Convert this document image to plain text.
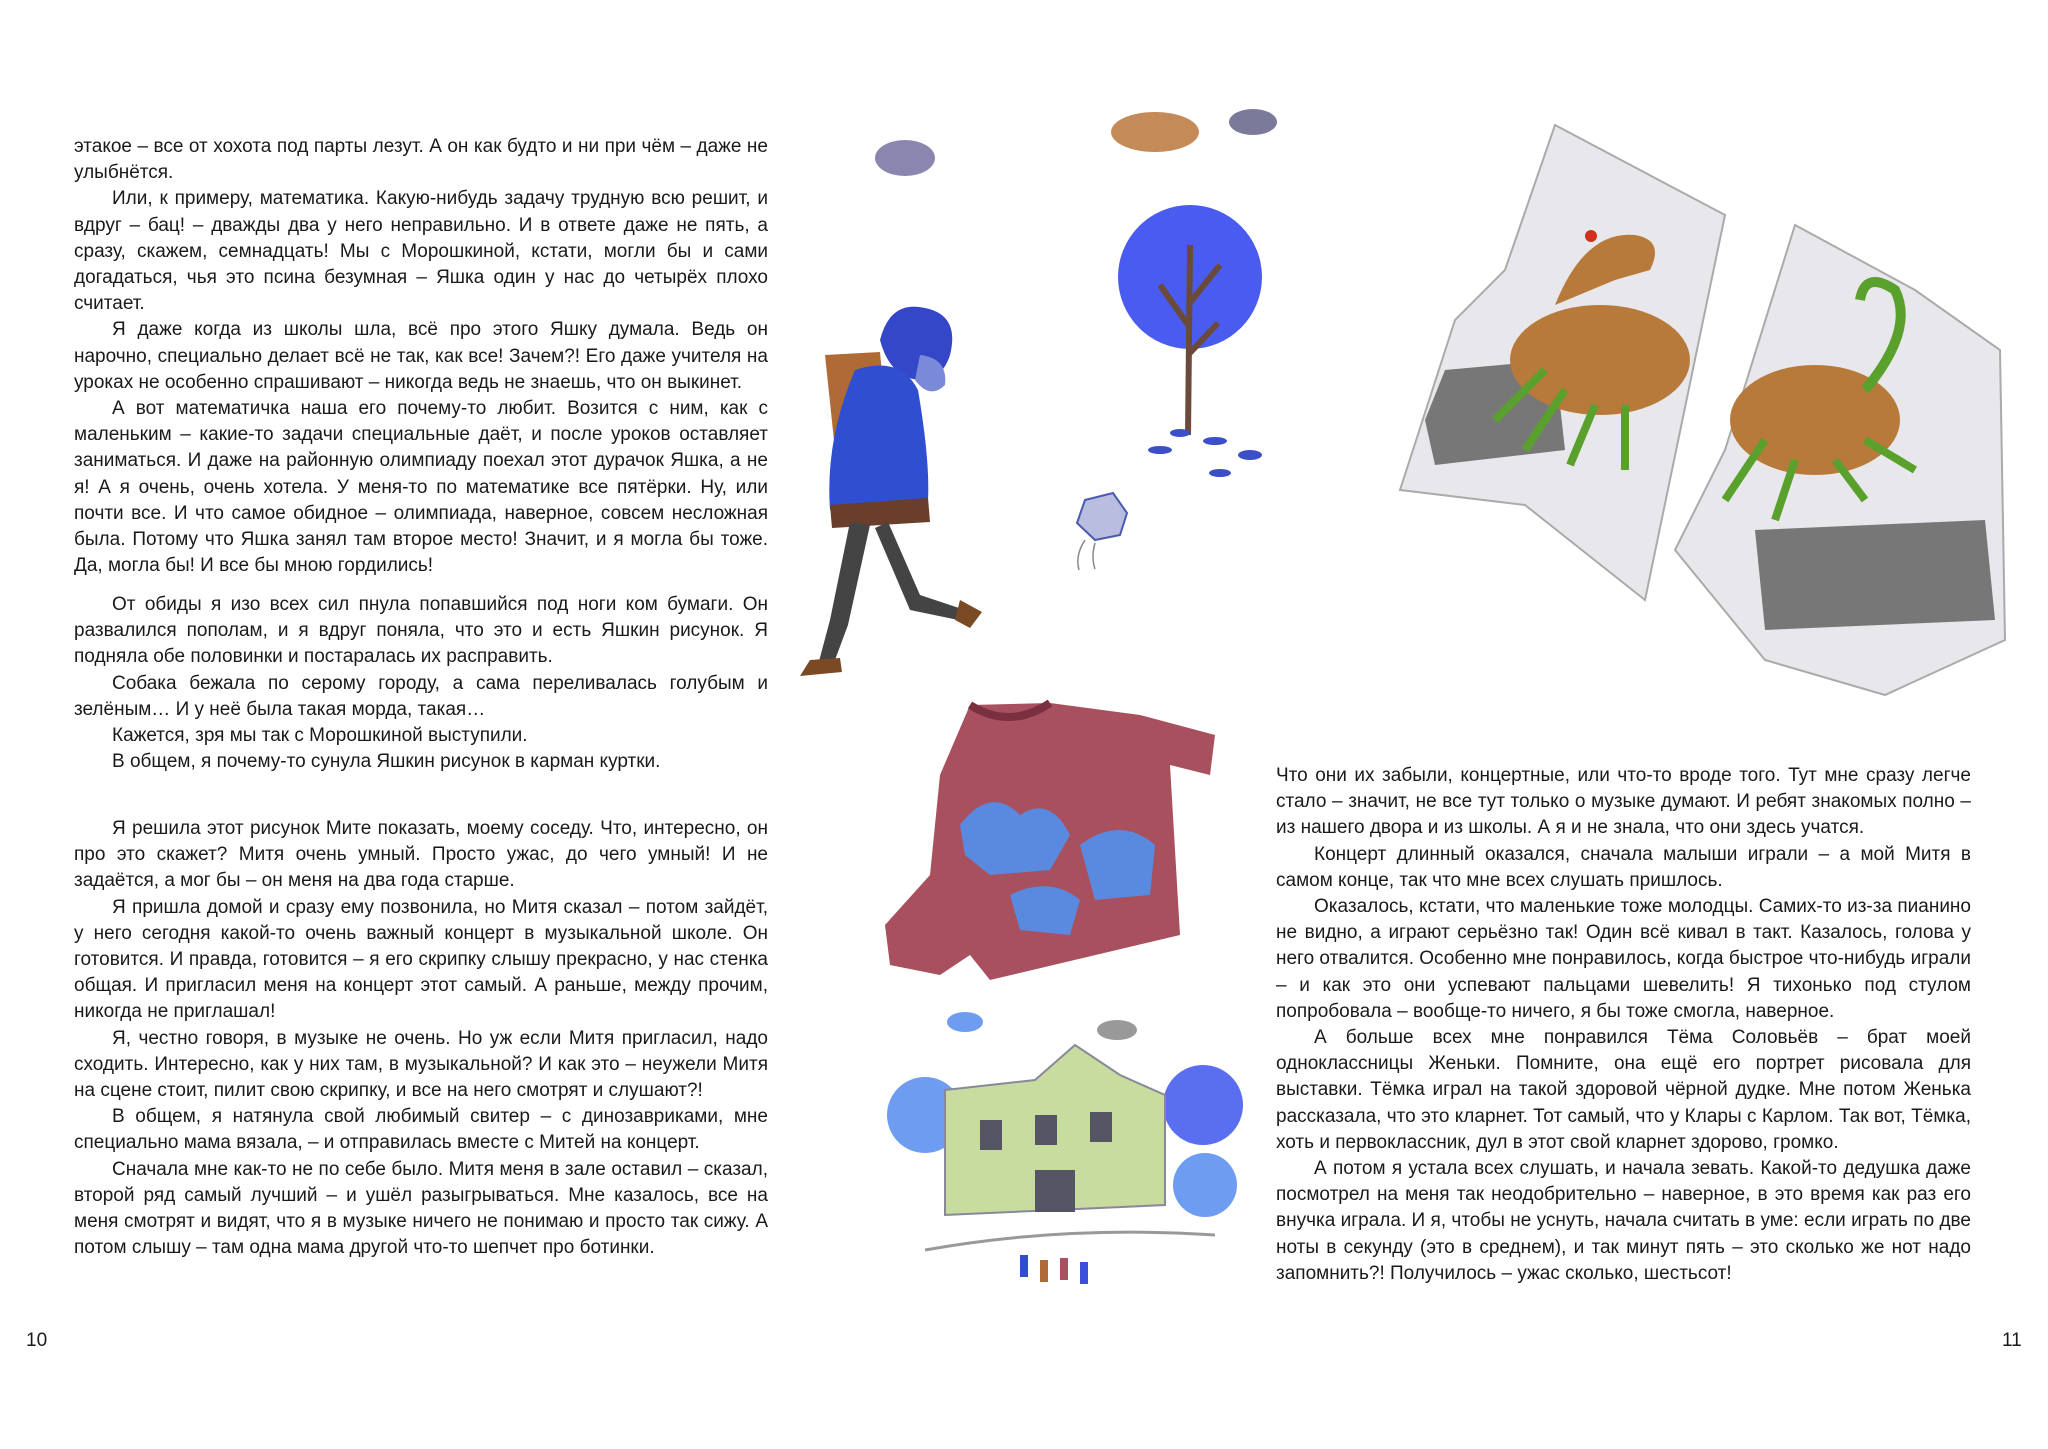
этакое – все от хохота под парты лезут. А он как будто и ни при чём – даже не улыбнётся.

Или, к примеру, математика. Какую-нибудь задачу трудную всю решит, и вдруг – бац! – дважды два у него неправильно. И в ответе даже не пять, а сразу, скажем, семнадцать! Мы с Морошкиной, кстати, могли бы и сами догадаться, чья это псина безумная – Яшка один у нас до четырёх плохо считает.

Я даже когда из школы шла, всё про этого Яшку думала. Ведь он нарочно, специально делает всё не так, как все! Зачем?! Его даже учителя на уроках не особенно спрашивают – никогда ведь не знаешь, что он выкинет.

А вот математичка наша его почему-то любит. Возится с ним, как с маленьким – какие-то задачи специальные даёт, и после уроков оставляет заниматься. И даже на районную олимпиаду поехал этот дурачок Яшка, а не я! А я очень, очень хотела. У меня-то по математике все пятёрки. Ну, или почти все. И что самое обидное – олимпиада, наверное, совсем несложная была. Потому что Яшка занял там второе место! Значит, и я могла бы тоже. Да, могла бы! И все бы мною гордились!

От обиды я изо всех сил пнула попавшийся под ноги ком бумаги. Он развалился пополам, и я вдруг поняла, что это и есть Яшкин рисунок. Я подняла обе половинки и постаралась их расправить.

Собака бежала по серому городу, а сама переливалась голубым и зелёным… И у неё была такая морда, такая…

Кажется, зря мы так с Морошкиной выступили.

В общем, я почему-то сунула Яшкин рисунок в карман куртки.

Я решила этот рисунок Мите показать, моему соседу. Что, интересно, он про это скажет? Митя очень умный. Просто ужас, до чего умный! И не задаётся, а мог бы – он меня на два года старше.

Я пришла домой и сразу ему позвонила, но Митя сказал – потом зайдёт, у него сегодня какой-то очень важный концерт в музыкальной школе. Он готовится. И правда, готовится – я его скрипку слышу прекрасно, у нас стенка общая. И пригласил меня на концерт этот самый. А раньше, между прочим, никогда не приглашал!

Я, честно говоря, в музыке не очень. Но уж если Митя пригласил, надо сходить. Интересно, как у них там, в музыкальной? И как это – неужели Митя на сцене стоит, пилит свою скрипку, и все на него смотрят и слушают?!

В общем, я натянула свой любимый свитер – с динозавриками, мне специально мама вязала, – и отправилась вместе с Митей на концерт.

Сначала мне как-то не по себе было. Митя меня в зале оставил – сказал, второй ряд самый лучший – и ушёл разыгрываться. Мне казалось, все на меня смотрят и видят, что я в музыке ничего не понимаю и просто так сижу. А потом слышу – там одна мама другой что-то шепчет про ботинки.

Что они их забыли, концертные, или что-то вроде того. Тут мне сразу легче стало – значит, не все тут только о музыке думают. И ребят знакомых полно – из нашего двора и из школы. А я и не знала, что они здесь учатся.

Концерт длинный оказался, сначала малыши играли – а мой Митя в самом конце, так что мне всех слушать пришлось.

Оказалось, кстати, что маленькие тоже молодцы. Самих-то из-за пианино не видно, а играют серьёзно так! Один всё кивал в такт. Казалось, голова у него отвалится. Особенно мне понравилось, когда быстрое что-нибудь играли – и как это они успевают пальцами шевелить! Я тихонько под стулом попробовала – вообще-то ничего, я бы тоже смогла, наверное.

А больше всех мне понравился Тёма Соловьёв – брат моей одноклассницы Женьки. Помните, она ещё его портрет рисовала для выставки. Тёмка играл на такой здоровой чёрной дудке. Мне потом Женька рассказала, что это кларнет. Тот самый, что у Клары с Карлом. Так вот, Тёмка, хоть и первоклассник, дул в этот свой кларнет здорово, громко.

А потом я устала всех слушать, и начала зевать. Какой-то дедушка даже посмотрел на меня так неодобрительно – наверное, в это время как раз его внучка играла. И я, чтобы не уснуть, начала считать в уме: если играть по две ноты в секунду (это в среднем), и так минут пять – это сколько же нот надо запомнить?! Получилось – ужас сколько, шестьсот!

10	11
